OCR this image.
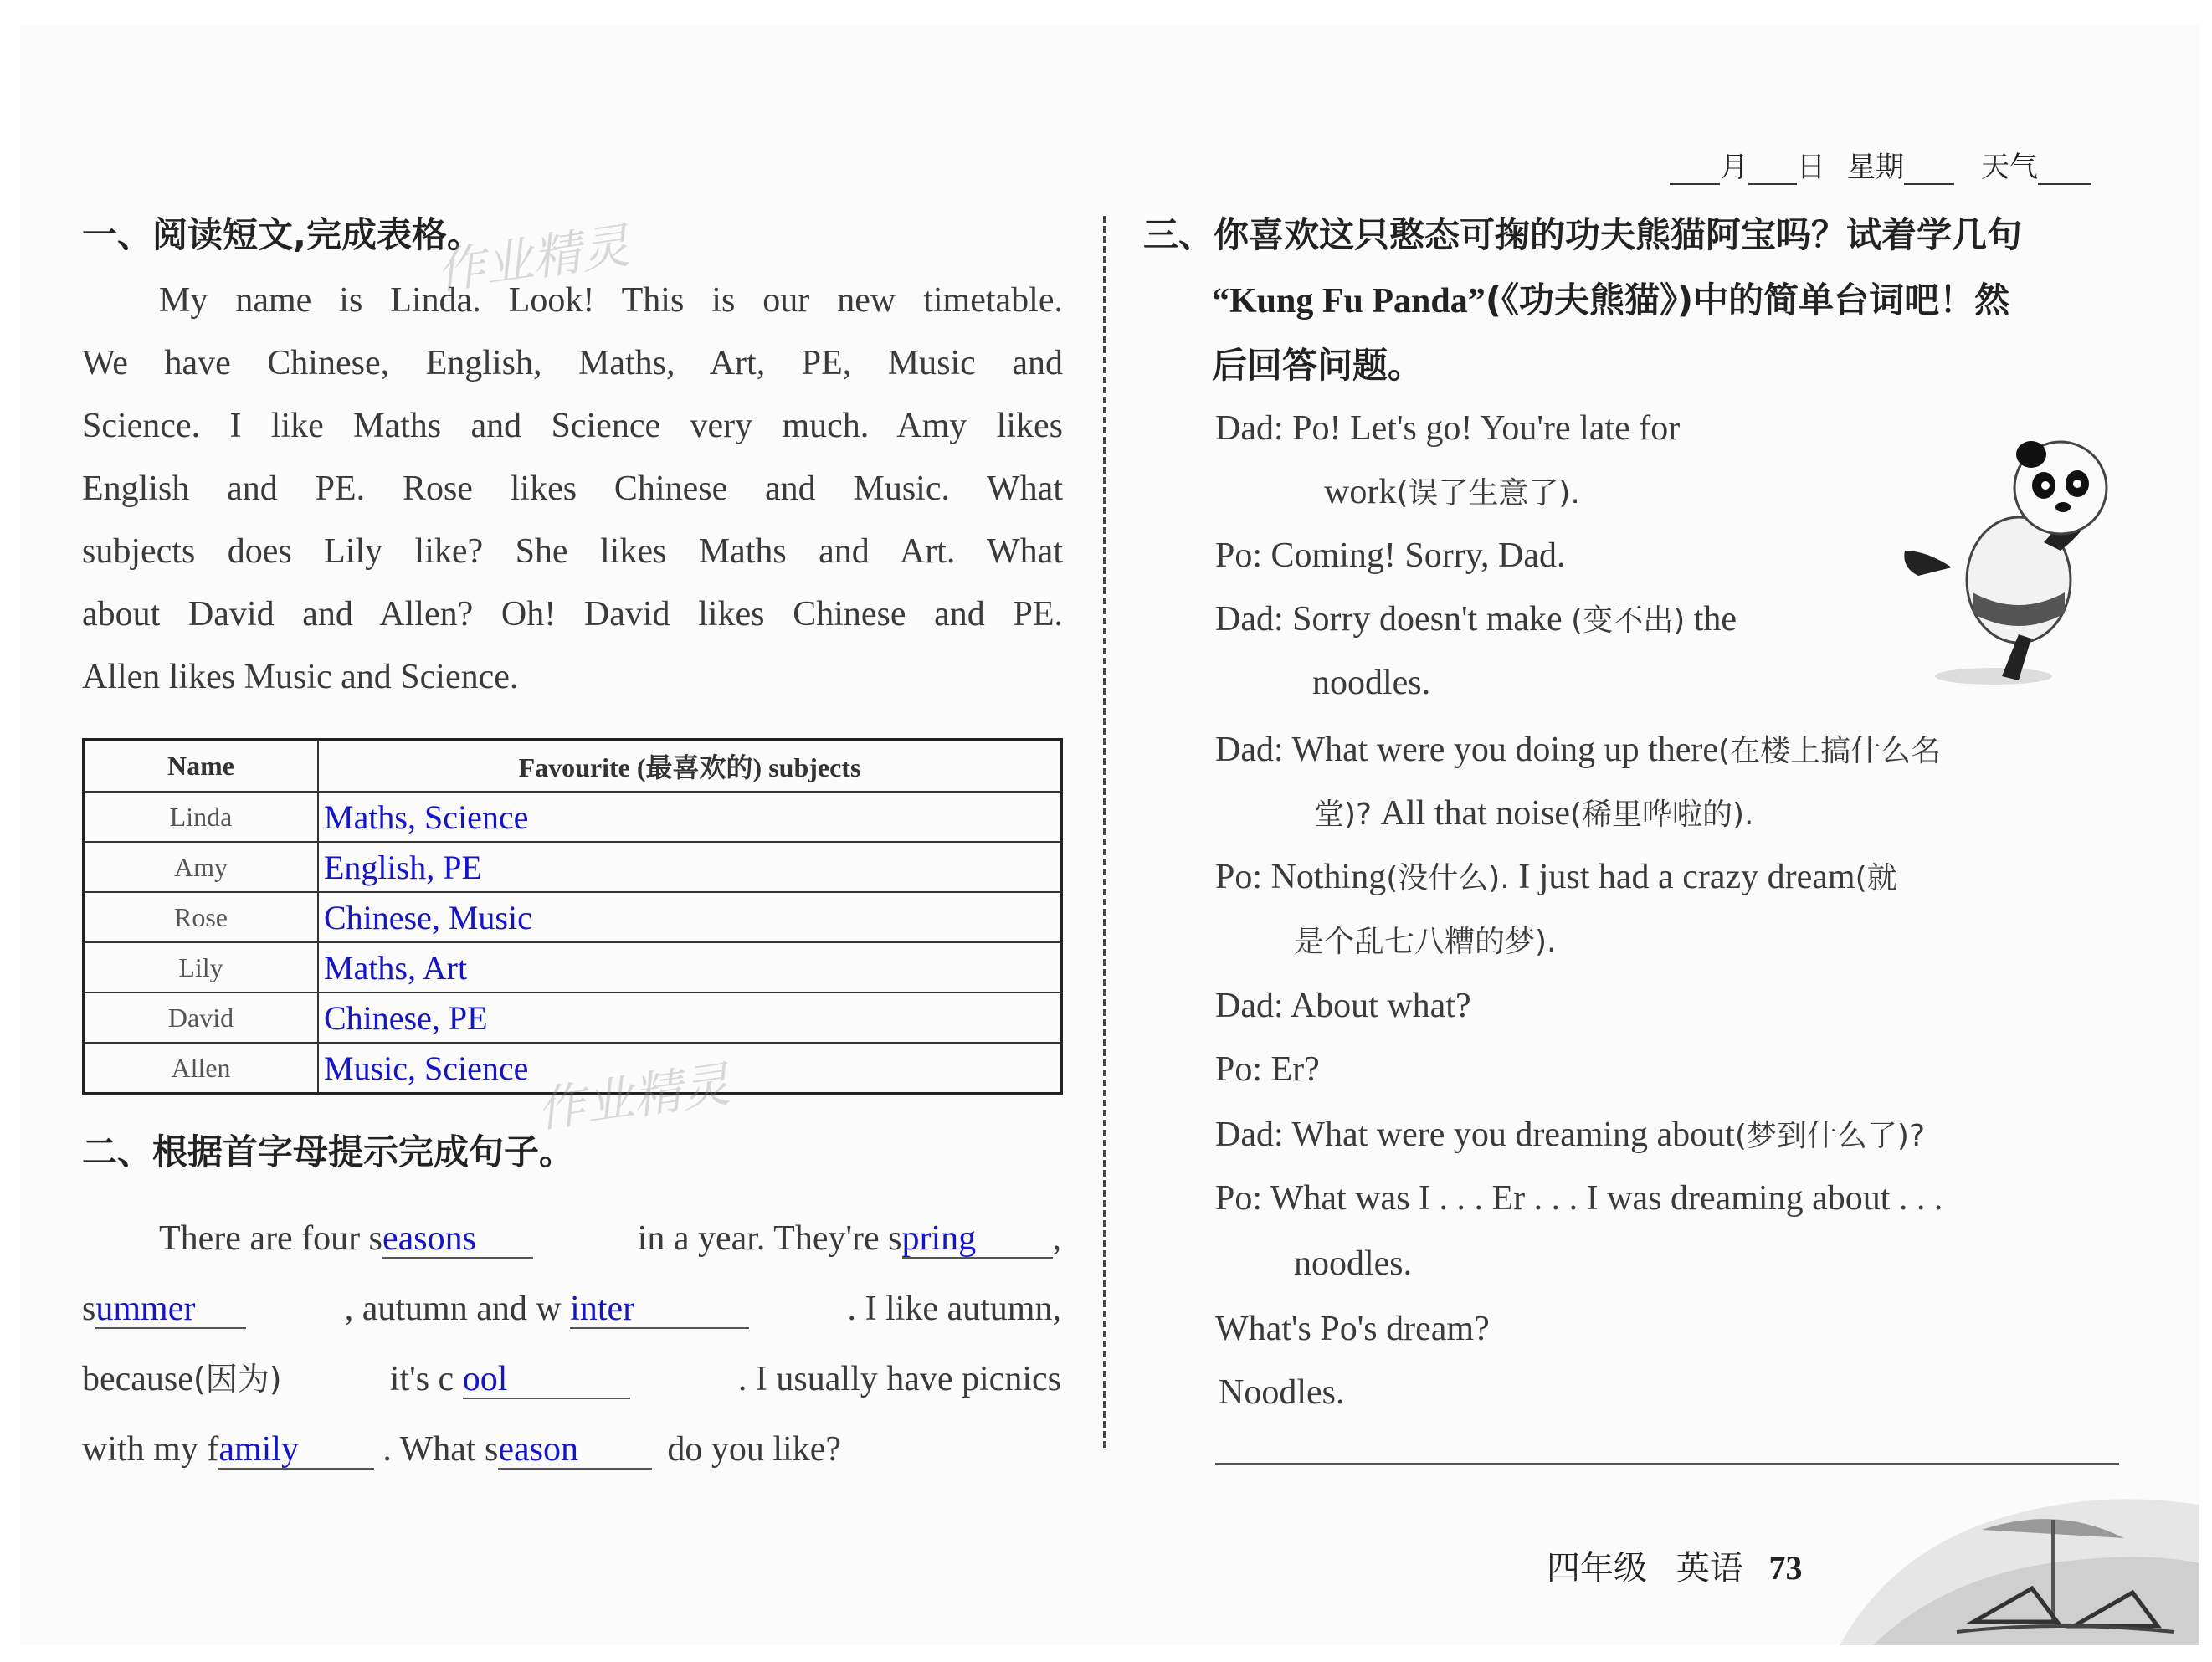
月 日 星期	天气
一、阅读短文,完成表格。
作业精灵
My name is Linda. Look! This is our new timetable.
We have Chinese, English, Maths, Art, PE, Music and
Science. I like Maths and Science very much. Amy likes
English and PE. Rose likes Chinese and Music. What
subjects does Lily like? She likes Maths and Art. What
about David and Allen? Oh! David likes Chinese and PE.
Allen likes Music and Science.
Name	Favourite (最喜欢的) subjects
Linda	Maths, Science
Amy	English, PE
Rose	Chinese, Music
Lily	Maths, Art
David	Chinese, PE
Allen	Music, Science 作业精灵
二、根据首字母提示完成句子。
There are four seasons	in a year. They're spring ,
summer	, autumn and w inter	. I like autumn,
because(因为)	it's c ool	. I usually have picnics
with my family	. What season	do you like?
三、你喜欢这只憨态可掬的功夫熊猫阿宝吗？试着学几句
“Kung Fu Panda”(《功夫熊猫》)中的简单台词吧！然
后回答问题。
Dad: Po! Let's go! You're late for
work(误了生意了).
Po: Coming! Sorry, Dad.
Dad: Sorry doesn't make (变不出) the
noodles.
Dad: What were you doing up there(在楼上搞什么名
堂)? All that noise(稀里哗啦的).
Po: Nothing(没什么). I just had a crazy dream(就
是个乱七八糟的梦).
Dad: About what?
Po: Er?
Dad: What were you dreaming about(梦到什么了)?
Po: What was I . . . Er . . . I was dreaming about . . .
noodles.
What's Po's dream?
Noodles.
四年级 英语 73
